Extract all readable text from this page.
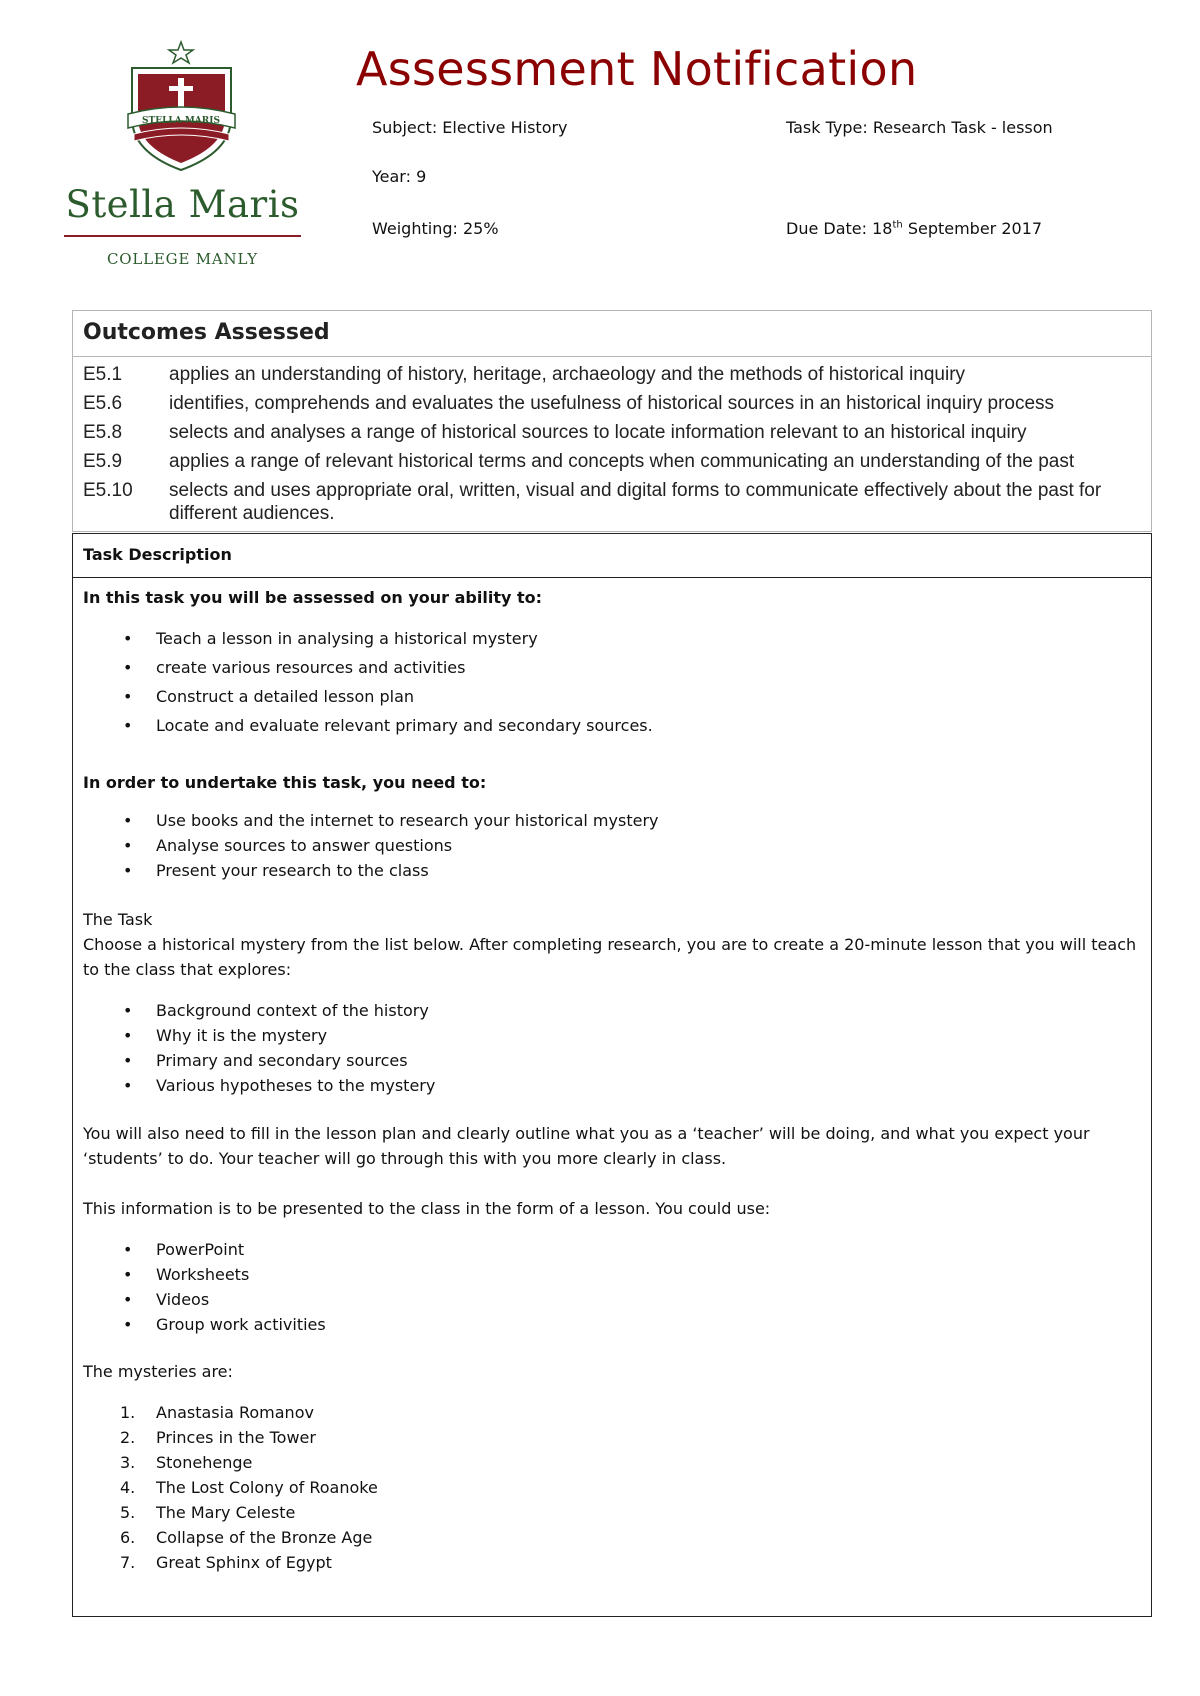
STELLA MARIS
Stella Maris
COLLEGE MANLY
Assessment Notification
Subject: Elective History	Task Type: Research Task - lesson
Year: 9
Weighting: 25%	Due Date: 18th September 2017
Outcomes Assessed
E5.1	applies an understanding of history, heritage, archaeology and the methods of historical inquiry
E5.6	identifies, comprehends and evaluates the usefulness of historical sources in an historical inquiry process
E5.8	selects and analyses a range of historical sources to locate information relevant to an historical inquiry
E5.9	applies a range of relevant historical terms and concepts when communicating an understanding of the past
E5.10	selects and uses appropriate oral, written, visual and digital forms to communicate effectively about the past for different audiences.
Task Description
In this task you will be assessed on your ability to:
• Teach a lesson in analysing a historical mystery
• create various resources and activities
• Construct a detailed lesson plan
• Locate and evaluate relevant primary and secondary sources.
In order to undertake this task, you need to:
• Use books and the internet to research your historical mystery
• Analyse sources to answer questions
• Present your research to the class
The Task
Choose a historical mystery from the list below. After completing research, you are to create a 20-minute lesson that you will teach to the class that explores:
• Background context of the history
• Why it is the mystery
• Primary and secondary sources
• Various hypotheses to the mystery
You will also need to fill in the lesson plan and clearly outline what you as a ‘teacher’ will be doing, and what you expect your ‘students’ to do. Your teacher will go through this with you more clearly in class.
This information is to be presented to the class in the form of a lesson. You could use:
• PowerPoint
• Worksheets
• Videos
• Group work activities
The mysteries are:
1. Anastasia Romanov
2. Princes in the Tower
3. Stonehenge
4. The Lost Colony of Roanoke
5. The Mary Celeste
6. Collapse of the Bronze Age
7. Great Sphinx of Egypt
